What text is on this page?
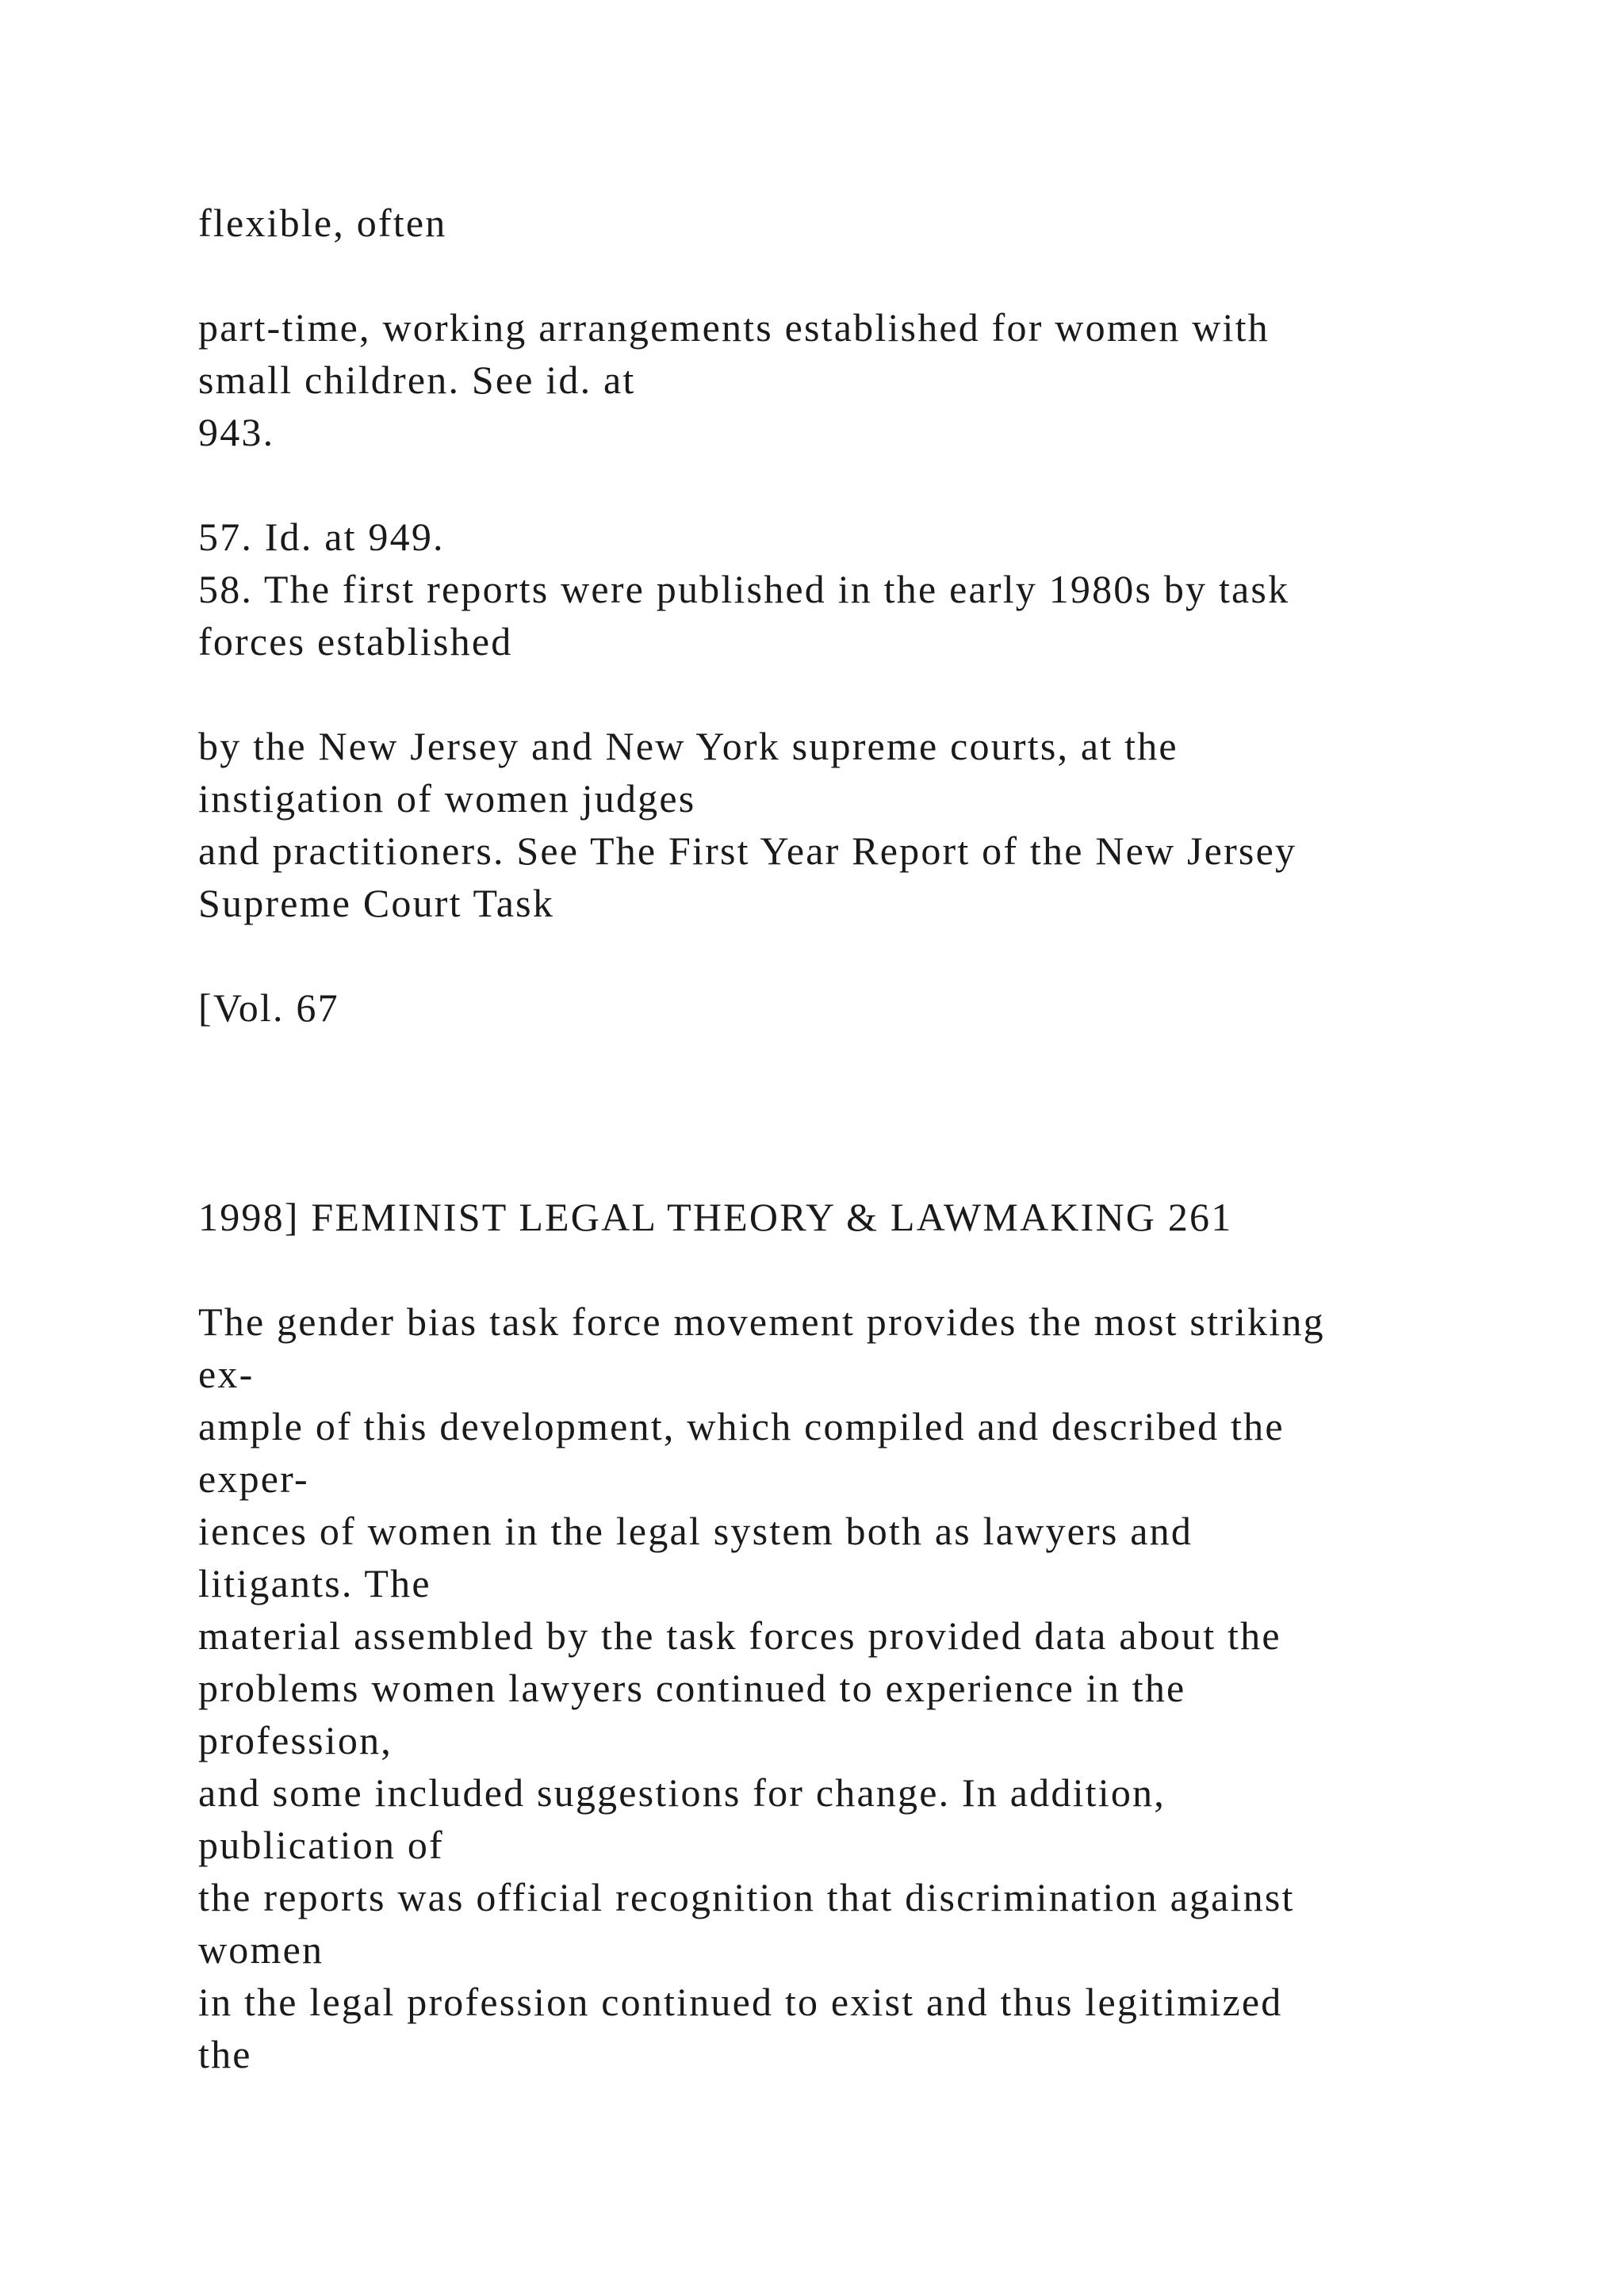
flexible, often

part-time, working arrangements established for women with

small children. See id. at

943.

57. Id. at 949.

58. The first reports were published in the early 1980s by task

forces established

by the New Jersey and New York supreme courts, at the

instigation of women judges

and practitioners. See The First Year Report of the New Jersey

Supreme Court Task

[Vol. 67

1998] FEMINIST LEGAL THEORY & LAWMAKING 261

The gender bias task force movement provides the most striking

ex-

ample of this development, which compiled and described the

exper-

iences of women in the legal system both as lawyers and

litigants. The

material assembled by the task forces provided data about the

problems women lawyers continued to experience in the

profession,

and some included suggestions for change. In addition,

publication of

the reports was official recognition that discrimination against

women

in the legal profession continued to exist and thus legitimized

the
